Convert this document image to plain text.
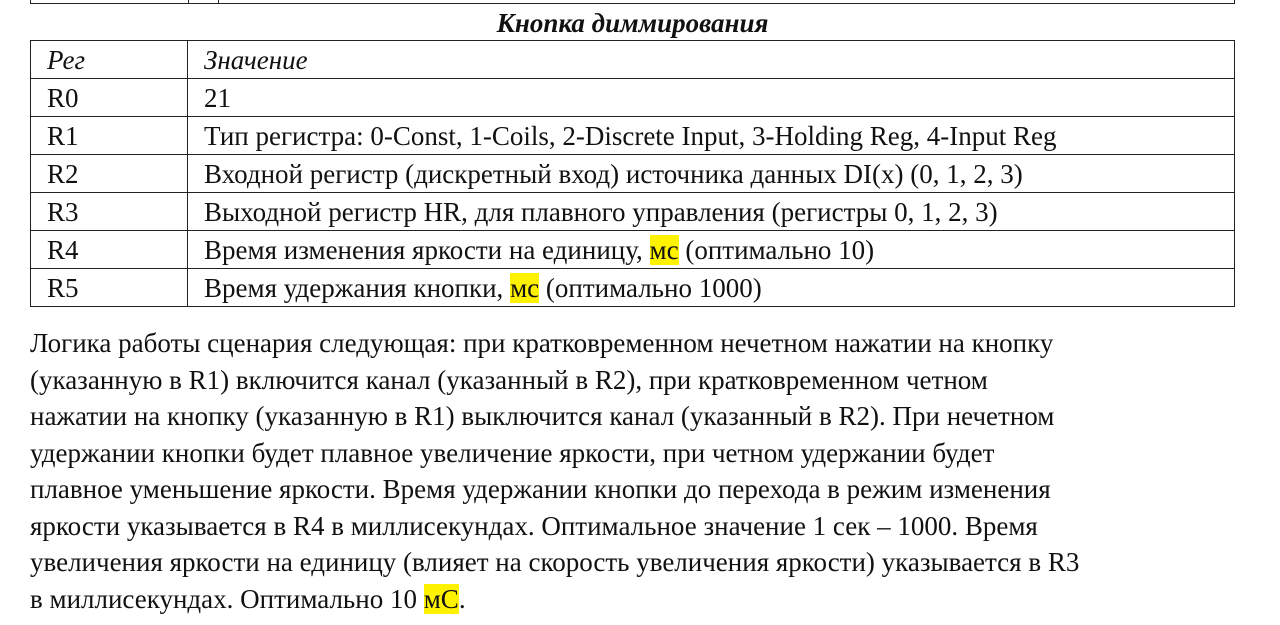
Кнопка диммирования
Рег	Значение
R0	21
R1	Тип регистра: 0-Const, 1-Coils, 2-Discrete Input, 3-Holding Reg, 4-Input Reg
R2	Входной регистр (дискретный вход) источника данных DI(x) (0, 1, 2, 3)
R3	Выходной регистр HR, для плавного управления (регистры 0, 1, 2, 3)
R4	Время изменения яркости на единицу, мс (оптимально 10)
R5	Время удержания кнопки, мс (оптимально 1000)
Логика работы сценария следующая: при кратковременном нечетном нажатии на кнопку
(указанную в R1) включится канал (указанный в R2), при кратковременном четном
нажатии на кнопку (указанную в R1) выключится канал (указанный в R2). При нечетном
удержании кнопки будет плавное увеличение яркости, при четном удержании будет
плавное уменьшение яркости. Время удержании кнопки до перехода в режим изменения
яркости указывается в R4 в миллисекундах. Оптимальное значение 1 сек – 1000. Время
увеличения яркости на единицу (влияет на скорость увеличения яркости) указывается в R3
в миллисекундах. Оптимально 10 мС.
